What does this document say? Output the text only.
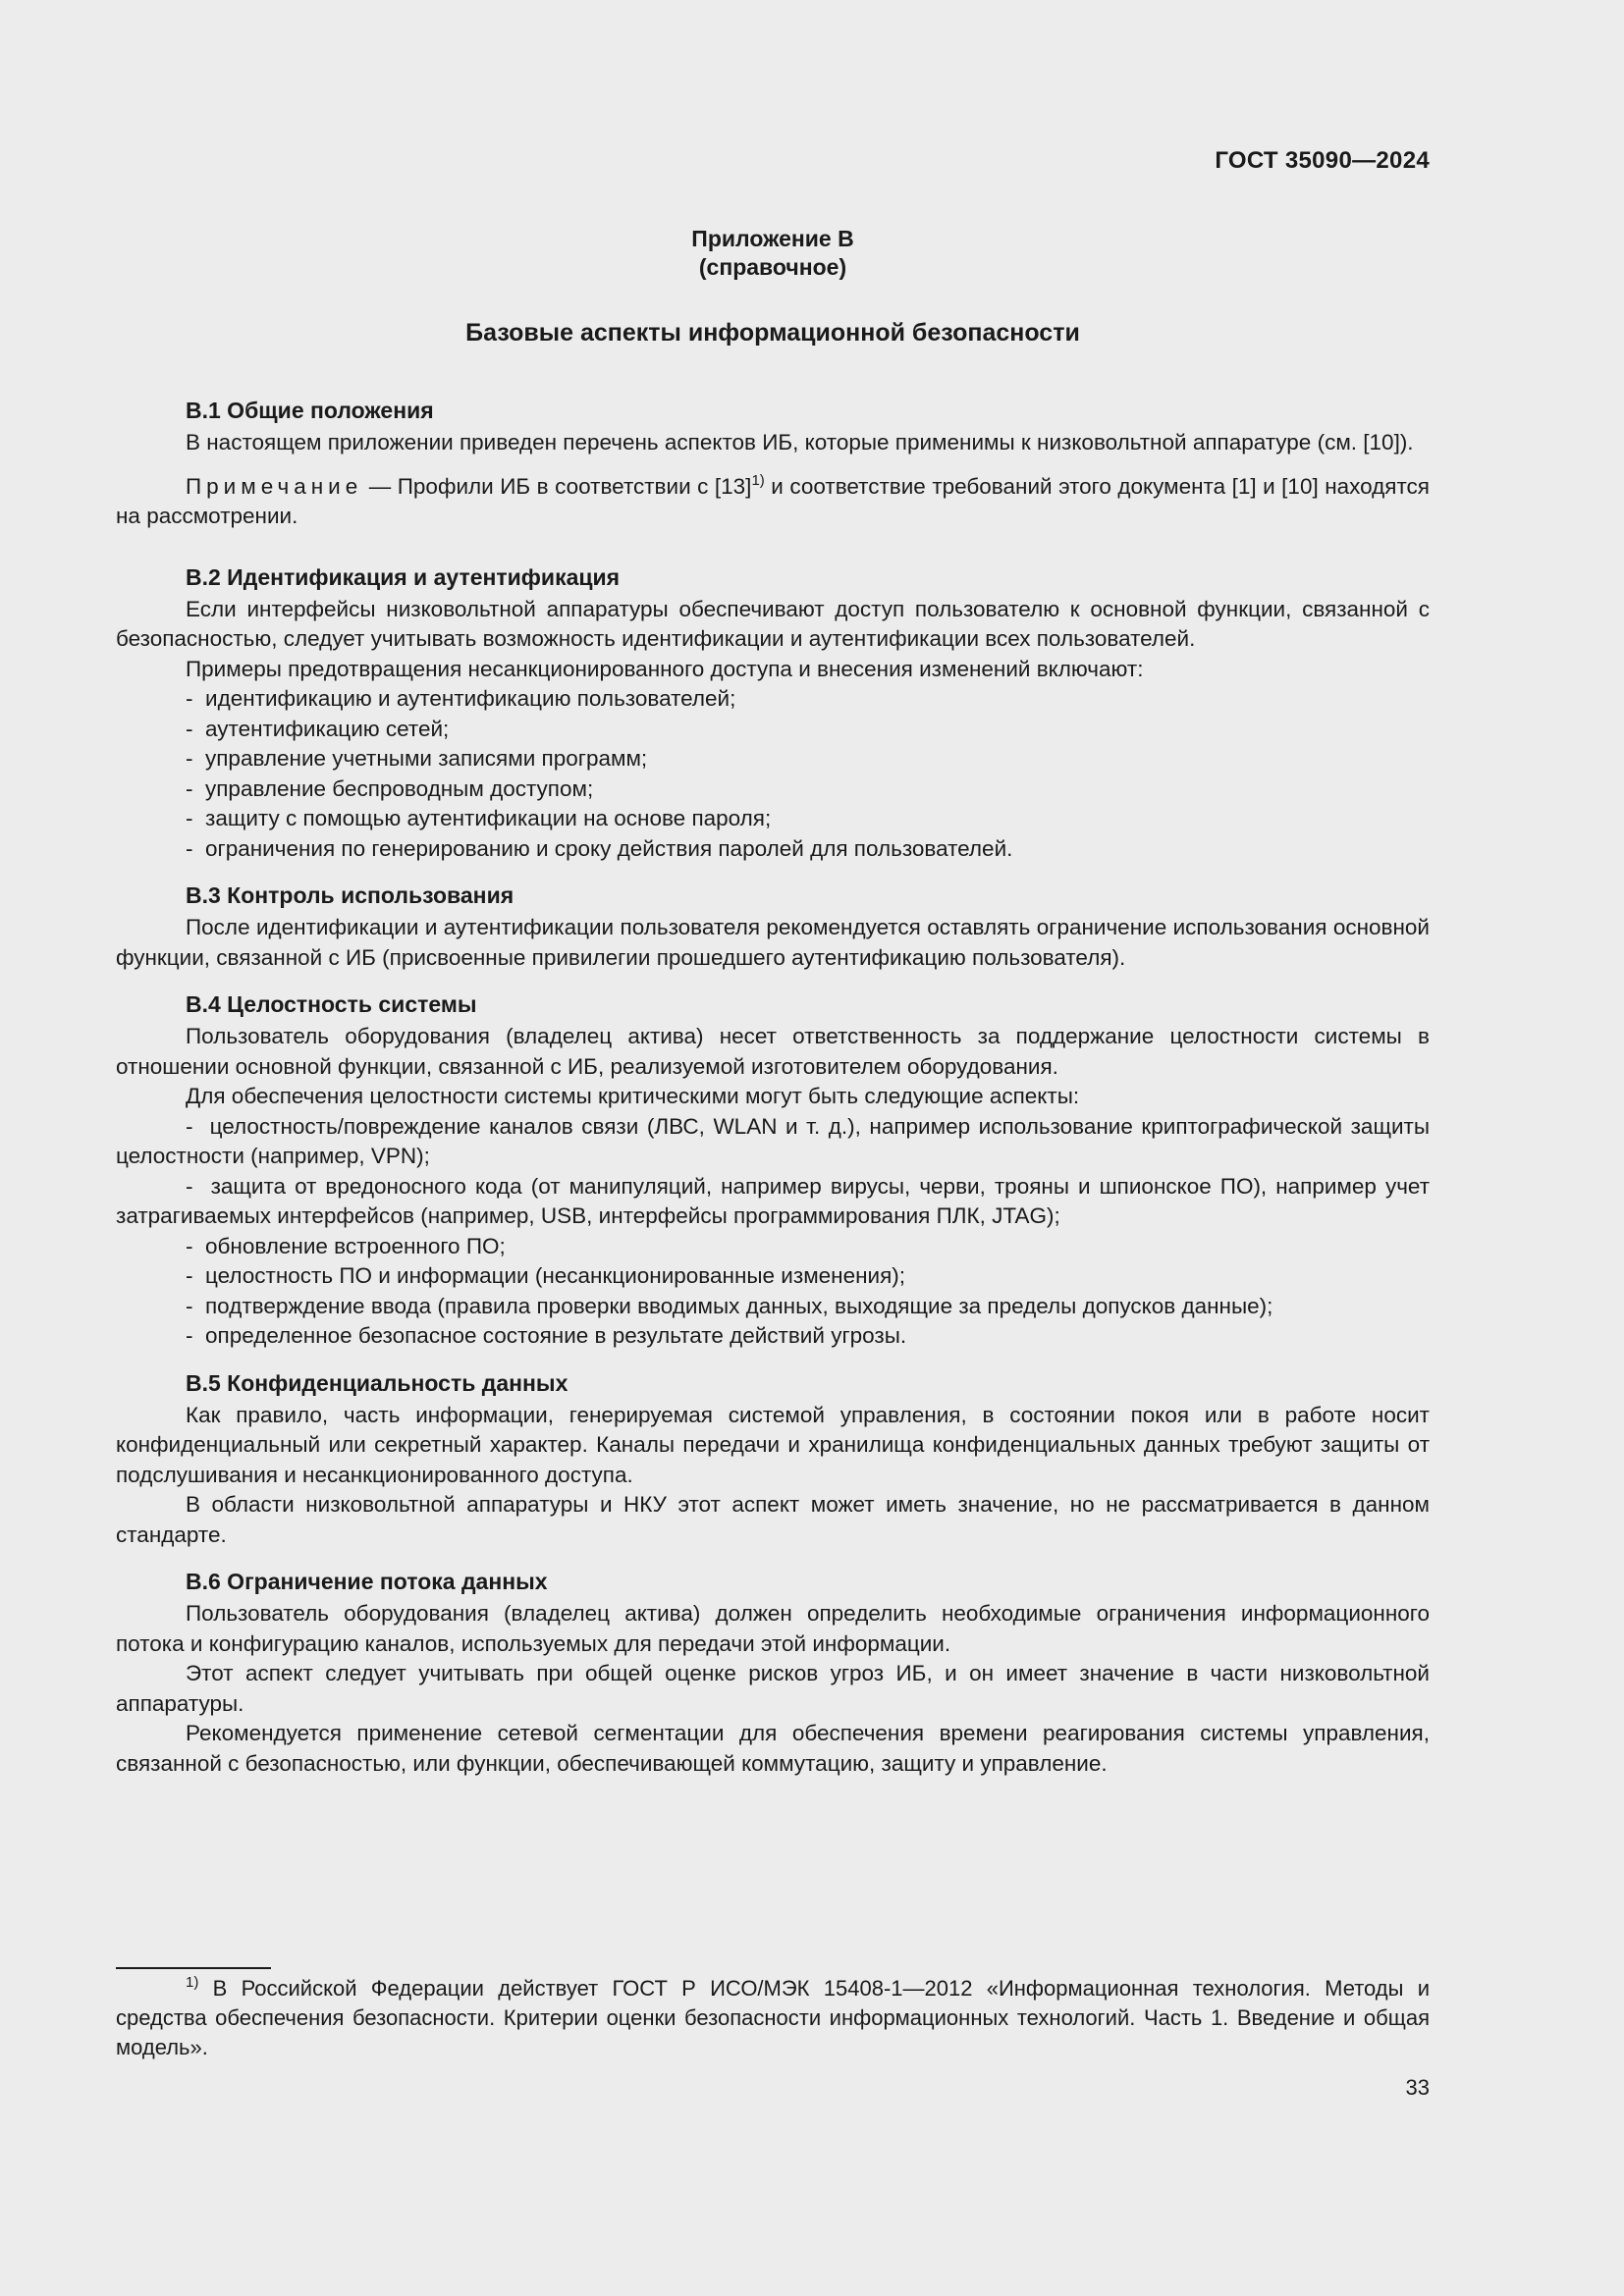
ГОСТ 35090—2024
Приложение В
(справочное)
Базовые аспекты информационной безопасности
В.1 Общие положения

В настоящем приложении приведен перечень аспектов ИБ, которые применимы к низковольтной аппаратуре (см. [10]).

Примечание — Профили ИБ в соответствии с $[13]^{1)}$ и соответствие требований этого документа [1] и [10] находятся на рассмотрении.

В.2 Идентификация и аутентификация

Если интерфейсы низковольтной аппаратуры обеспечивают доступ пользователю к основной функции, связанной с безопасностью, следует учитывать возможность идентификации и аутентификации всех пользователей.

Примеры предотвращения несанкционированного доступа и внесения изменений включают:

-  идентификацию и аутентификацию пользователей;
-  аутентификацию сетей;
-  управление учетными записями программ;
-  управление беспроводным доступом;
-  защиту с помощью аутентификации на основе пароля;
-  ограничения по генерированию и сроку действия паролей для пользователей.
В.3 Контроль использования

После идентификации и аутентификации пользователя рекомендуется оставлять ограничение использования основной функции, связанной с ИБ (присвоенные привилегии прошедшего аутентификацию пользователя).

В.4 Целостность системы

Пользователь оборудования (владелец актива) несет ответственность за поддержание целостности системы в отношении основной функции, связанной с ИБ, реализуемой изготовителем оборудования.

Для обеспечения целостности системы критическими могут быть следующие аспекты:

-  целостность/повреждение каналов связи (ЛВС, WLAN и т. д.), например использование криптографической защиты целостности (например, VPN);
-  защита от вредоносного кода (от манипуляций, например вирусы, черви, трояны и шпионское ПО), например учет затрагиваемых интерфейсов (например, USB, интерфейсы программирования ПЛК, JTAG);
-  обновление встроенного ПО;
-  целостность ПО и информации (несанкционированные изменения);
-  подтверждение ввода (правила проверки вводимых данных, выходящие за пределы допусков данные);
-  определенное безопасное состояние в результате действий угрозы.
В.5 Конфиденциальность данных

Как правило, часть информации, генерируемая системой управления, в состоянии покоя или в работе носит конфиденциальный или секретный характер. Каналы передачи и хранилища конфиденциальных данных требуют защиты от подслушивания и несанкционированного доступа.

В области низковольтной аппаратуры и НКУ этот аспект может иметь значение, но не рассматривается в данном стандарте.

В.6 Ограничение потока данных

Пользователь оборудования (владелец актива) должен определить необходимые ограничения информационного потока и конфигурацию каналов, используемых для передачи этой информации.

Этот аспект следует учитывать при общей оценке рисков угроз ИБ, и он имеет значение в части низковольтной аппаратуры.

Рекомендуется применение сетевой сегментации для обеспечения времени реагирования системы управления, связанной с безопасностью, или функции, обеспечивающей коммутацию, защиту и управление.

$^{1)}$ В Российской Федерации действует ГОСТ Р ИСО/МЭК 15408-1—2012 «Информационная технология. Методы и средства обеспечения безопасности. Критерии оценки безопасности информационных технологий. Часть 1. Введение и общая модель».
33
